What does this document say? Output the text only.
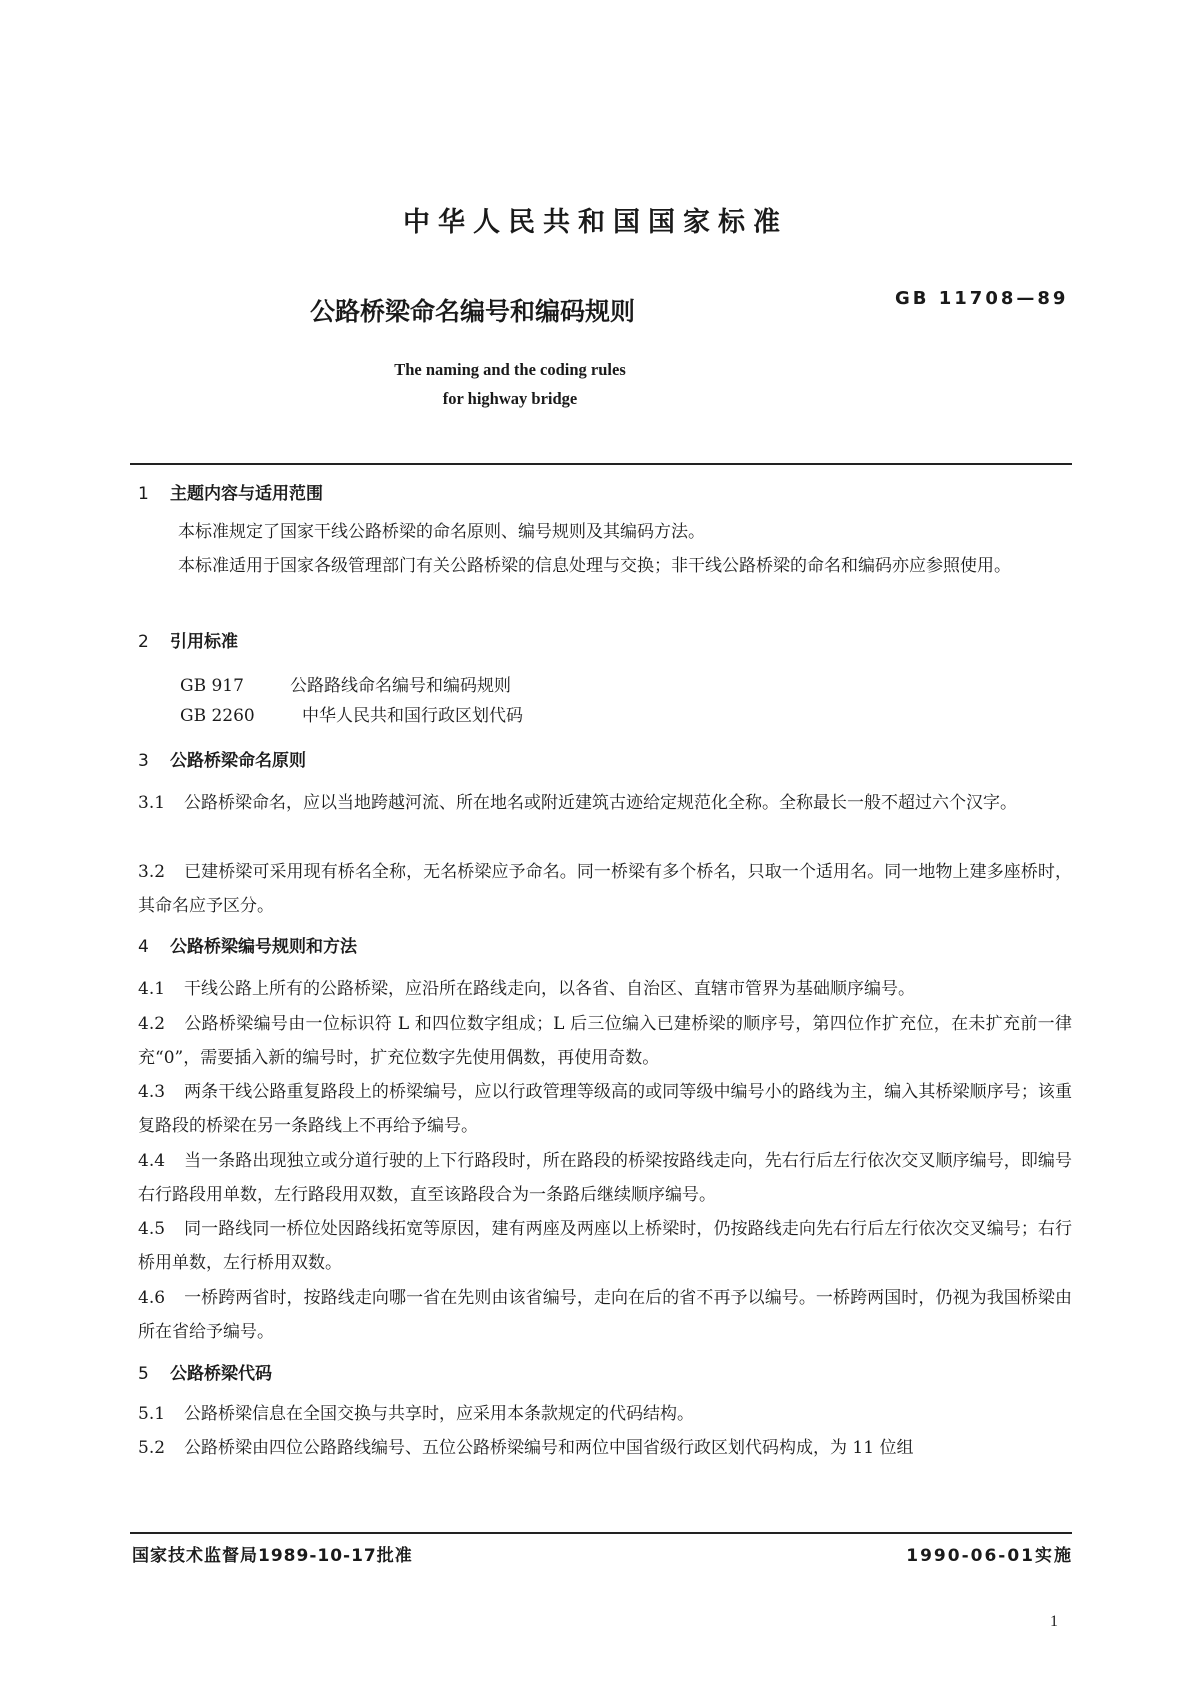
中华人民共和国国家标准
公路桥梁命名编号和编码规则	GB 11708—89
The naming and the coding rules
for highway bridge
1 主题内容与适用范围
本标准规定了国家干线公路桥梁的命名原则、编号规则及其编码方法。
本标准适用于国家各级管理部门有关公路桥梁的信息处理与交换；非干线公路桥梁的命名和编码亦应参照使用。
2 引用标准
GB 917	公路路线命名编号和编码规则
GB 2260	中华人民共和国行政区划代码
3 公路桥梁命名原则
3.1 公路桥梁命名，应以当地跨越河流、所在地名或附近建筑古迹给定规范化全称。全称最长一般不超过六个汉字。
3.2 已建桥梁可采用现有桥名全称，无名桥梁应予命名。同一桥梁有多个桥名，只取一个适用名。同一地物上建多座桥时，其命名应予区分。
4 公路桥梁编号规则和方法
4.1 干线公路上所有的公路桥梁，应沿所在路线走向，以各省、自治区、直辖市管界为基础顺序编号。
4.2 公路桥梁编号由一位标识符 L 和四位数字组成；L 后三位编入已建桥梁的顺序号，第四位作扩充位，在未扩充前一律充“0”，需要插入新的编号时，扩充位数字先使用偶数，再使用奇数。
4.3 两条干线公路重复路段上的桥梁编号，应以行政管理等级高的或同等级中编号小的路线为主，编入其桥梁顺序号；该重复路段的桥梁在另一条路线上不再给予编号。
4.4 当一条路出现独立或分道行驶的上下行路段时，所在路段的桥梁按路线走向，先右行后左行依次交叉顺序编号，即编号右行路段用单数，左行路段用双数，直至该路段合为一条路后继续顺序编号。
4.5 同一路线同一桥位处因路线拓宽等原因，建有两座及两座以上桥梁时，仍按路线走向先右行后左行依次交叉编号；右行桥用单数，左行桥用双数。
4.6 一桥跨两省时，按路线走向哪一省在先则由该省编号，走向在后的省不再予以编号。一桥跨两国时，仍视为我国桥梁由所在省给予编号。
5 公路桥梁代码
5.1 公路桥梁信息在全国交换与共享时，应采用本条款规定的代码结构。
5.2 公路桥梁由四位公路路线编号、五位公路桥梁编号和两位中国省级行政区划代码构成，为 11 位组
国家技术监督局1989-10-17批准	1990-06-01实施
1
